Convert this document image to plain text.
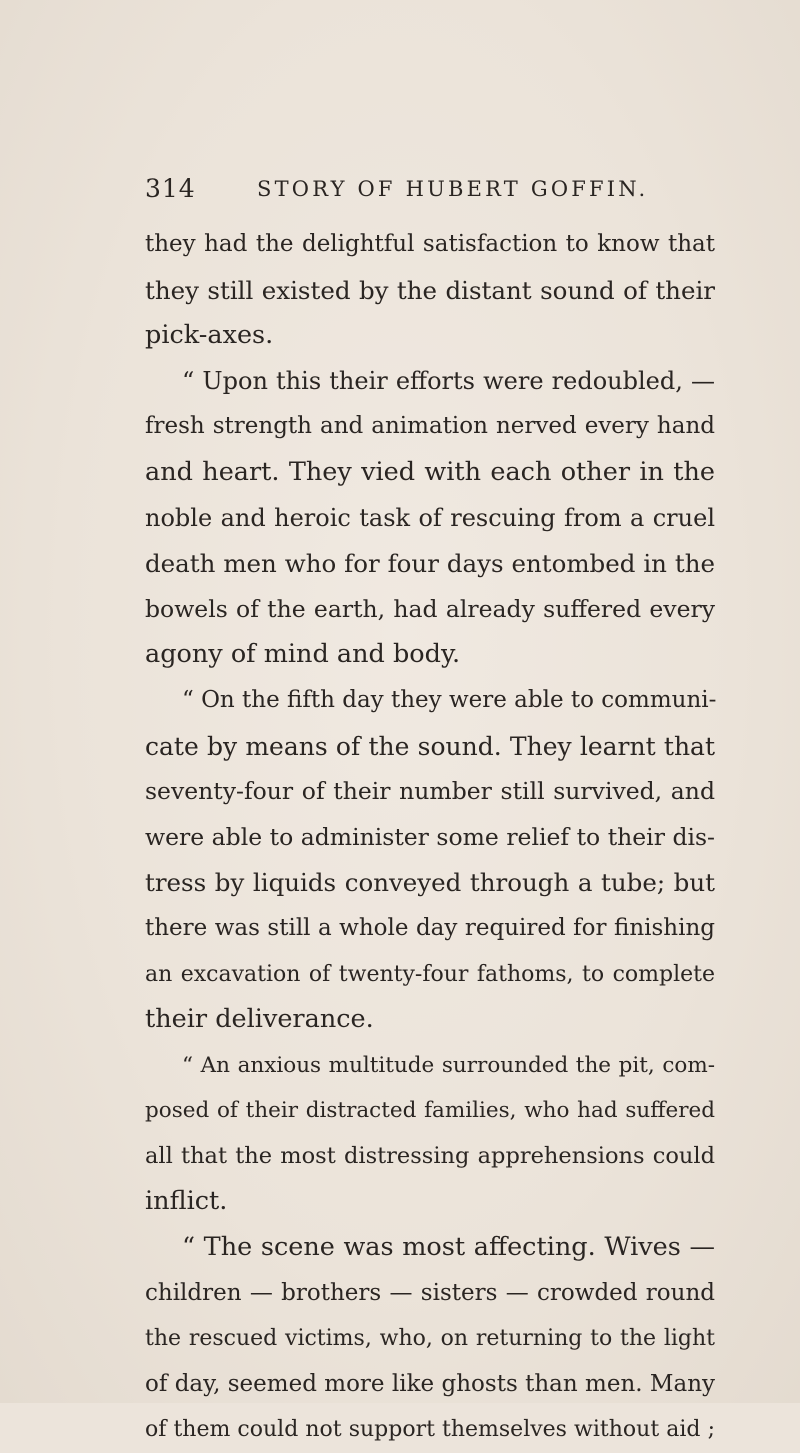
314	STORY OF HUBERT GOFFIN.
they had the delightful satisfaction to know that
they still existed by the distant sound of their
pick-axes.
“ Upon this their efforts were redoubled, —
fresh strength and animation nerved every hand
and heart. They vied with each other in the
noble and heroic task of rescuing from a cruel
death men who for four days entombed in the
bowels of the earth, had already suffered every
agony of mind and body.
“ On the fifth day they were able to communi-
cate by means of the sound. They learnt that
seventy-four of their number still survived, and
were able to administer some relief to their dis-
tress by liquids conveyed through a tube; but
there was still a whole day required for finishing
an excavation of twenty-four fathoms, to complete
their deliverance.
“ An anxious multitude surrounded the pit, com-
posed of their distracted families, who had suffered
all that the most distressing apprehensions could
inflict.
“ The scene was most affecting. Wives —
children — brothers — sisters — crowded round
the rescued victims, who, on returning to the light
of day, seemed more like ghosts than men. Many
of them could not support themselves without aid ;
